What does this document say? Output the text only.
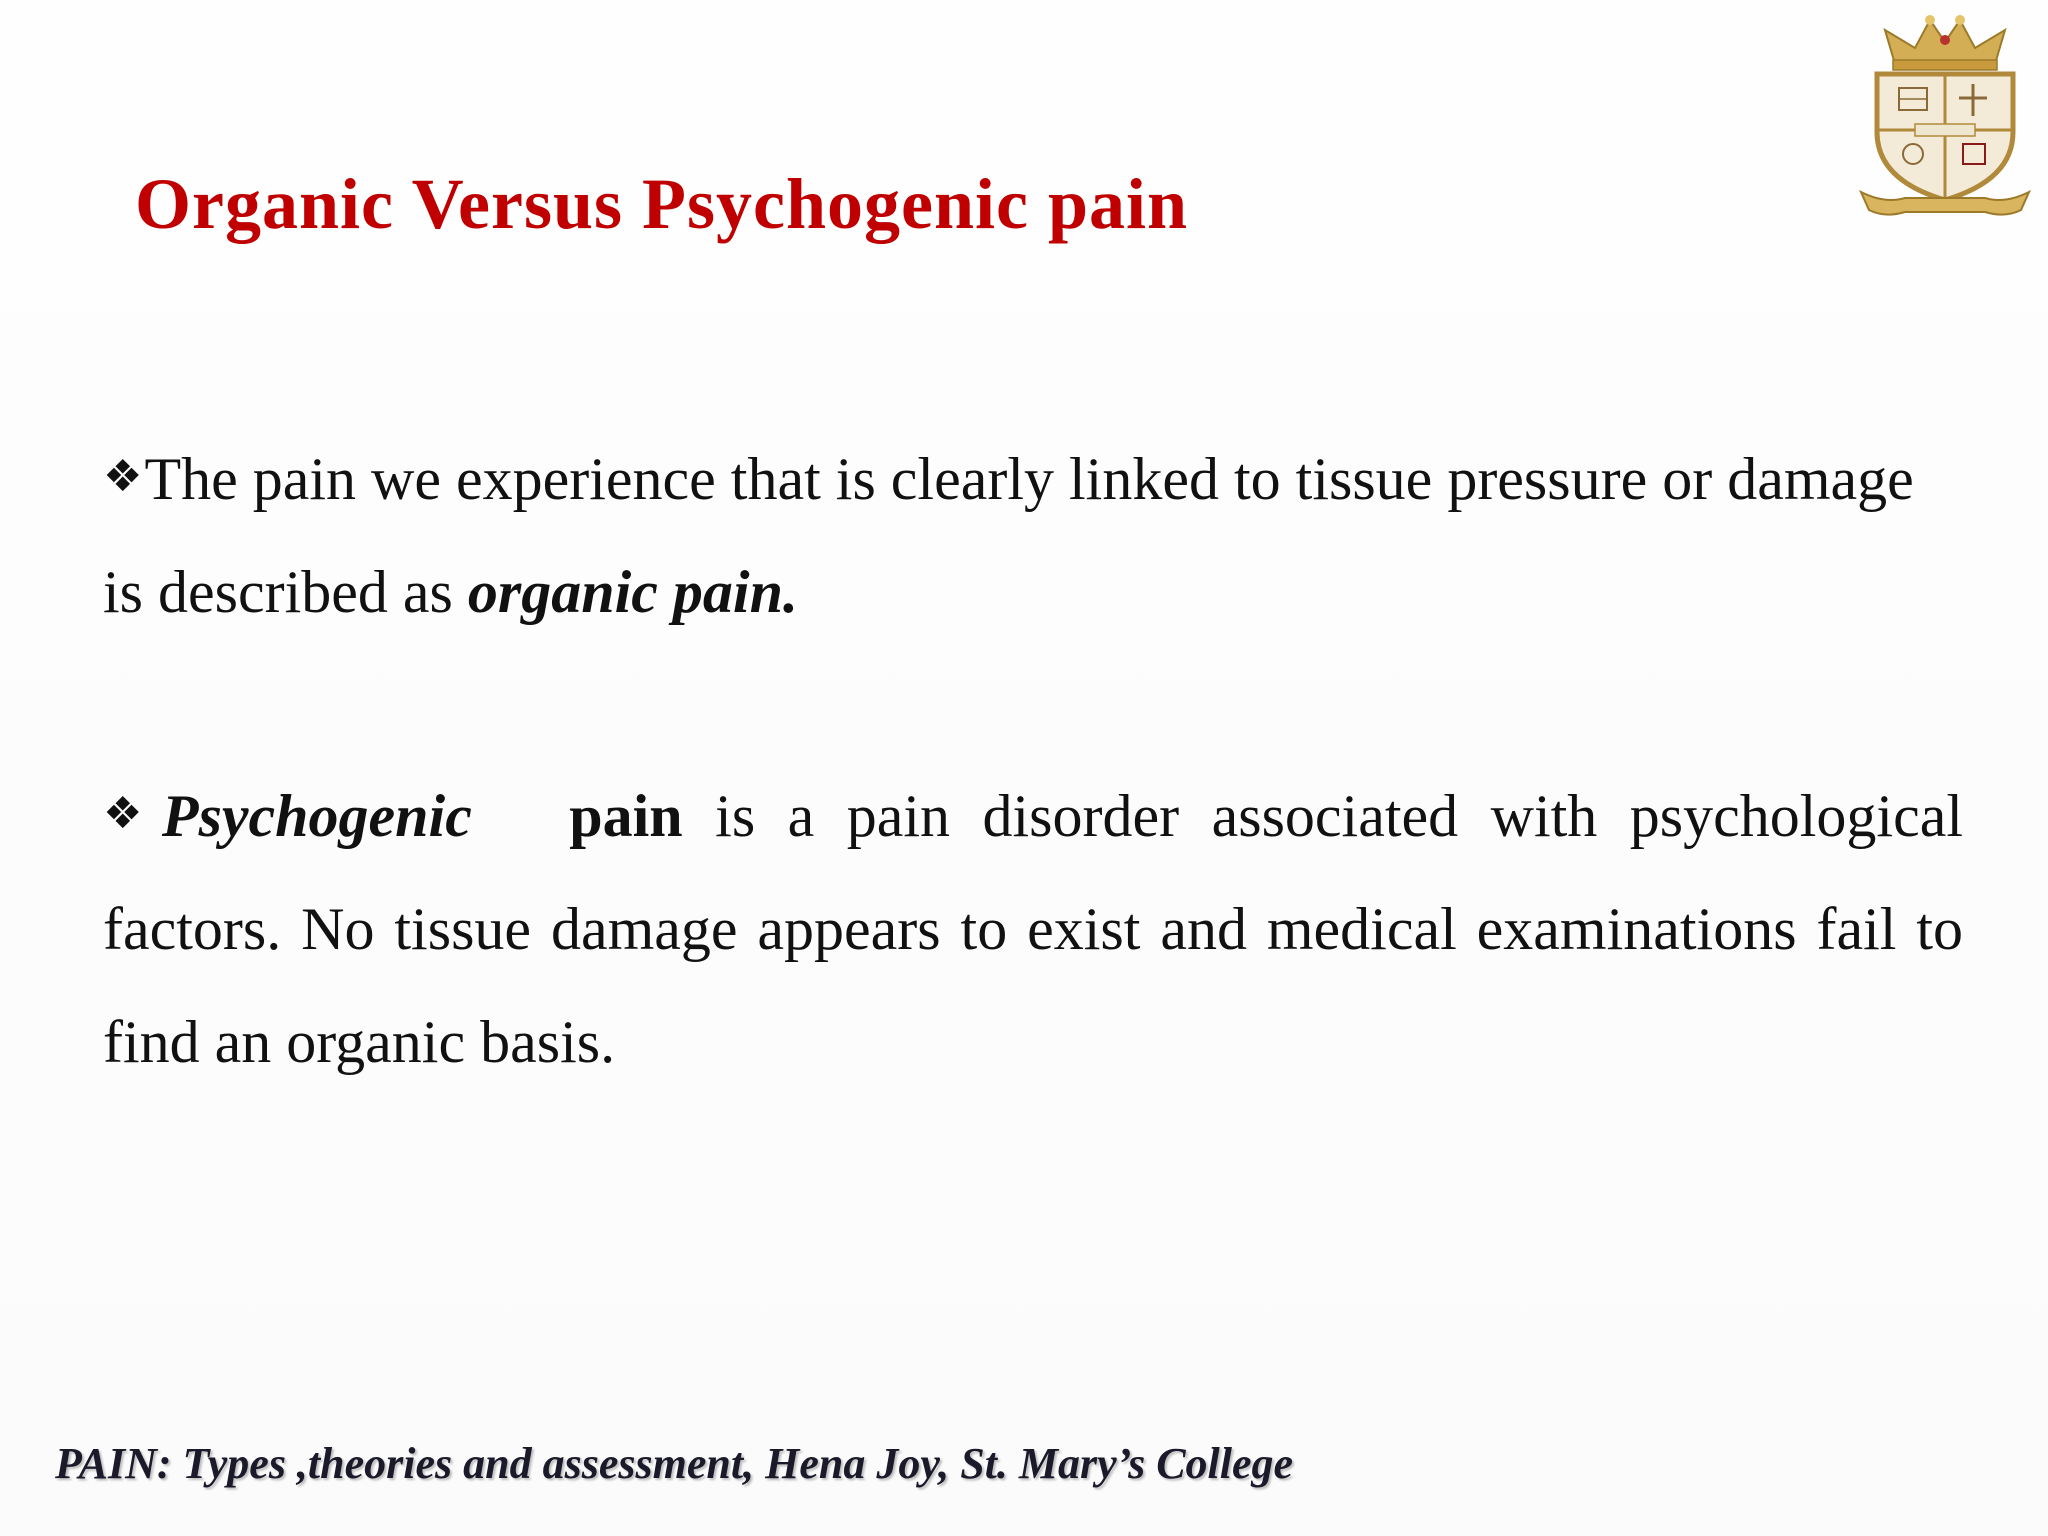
Organic Versus Psychogenic pain

❖The pain we experience that is clearly linked to tissue pressure or damage is described as organic pain.

❖Psychogenic pain is a pain disorder associated with psychological factors. No tissue damage appears to exist and medical examinations fail to find an organic basis.

PAIN: Types ,theories and assessment, Hena Joy, St. Mary’s College
